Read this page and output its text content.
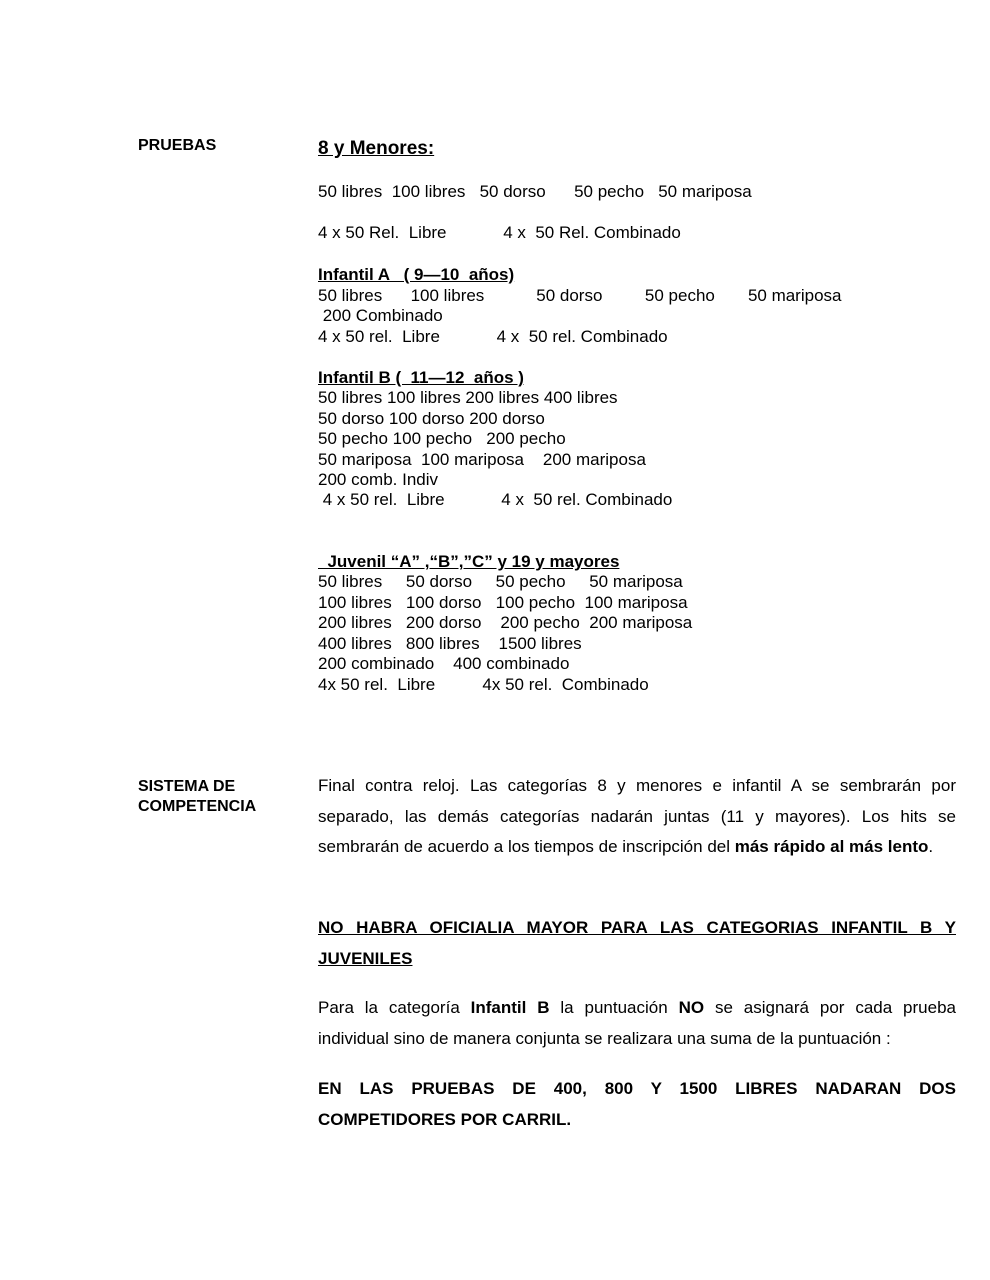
PRUEBAS	8 y Menores:
50 libres  100 libres   50 dorso      50 pecho   50 mariposa
4 x 50 Rel.  Libre            4 x  50 Rel. Combinado
Infantil A   ( 9—10  años)
50 libres      100 libres           50 dorso         50 pecho       50 mariposa
200 Combinado
4 x 50 rel.  Libre            4 x  50 rel. Combinado
Infantil B (  11—12  años )
50 libres 100 libres 200 libres 400 libres
50 dorso 100 dorso 200 dorso
50 pecho 100 pecho   200 pecho
50 mariposa  100 mariposa    200 mariposa
200 comb. Indiv
4 x 50 rel.  Libre            4 x  50 rel. Combinado
Juvenil “A” ,“B”,”C” y 19 y mayores
50 libres     50 dorso     50 pecho     50 mariposa
100 libres   100 dorso   100 pecho  100 mariposa
200 libres   200 dorso    200 pecho  200 mariposa
400 libres   800 libres    1500 libres
200 combinado    400 combinado
4x 50 rel.  Libre          4x 50 rel.  Combinado
SISTEMA DE
COMPETENCIA
Final contra reloj. Las categorías 8 y menores e infantil A se sembrarán por separado, las demás categorías nadarán juntas (11 y mayores). Los hits se sembrarán de acuerdo a los tiempos de inscripción del más rápido al más lento.
NO HABRA OFICIALIA MAYOR PARA LAS CATEGORIAS INFANTIL B Y JUVENILES
Para la categoría Infantil B la puntuación NO se asignará por cada prueba individual sino de manera conjunta se realizara una suma de la puntuación :
EN LAS PRUEBAS DE 400, 800 Y 1500 LIBRES NADARAN DOS COMPETIDORES POR CARRIL.
